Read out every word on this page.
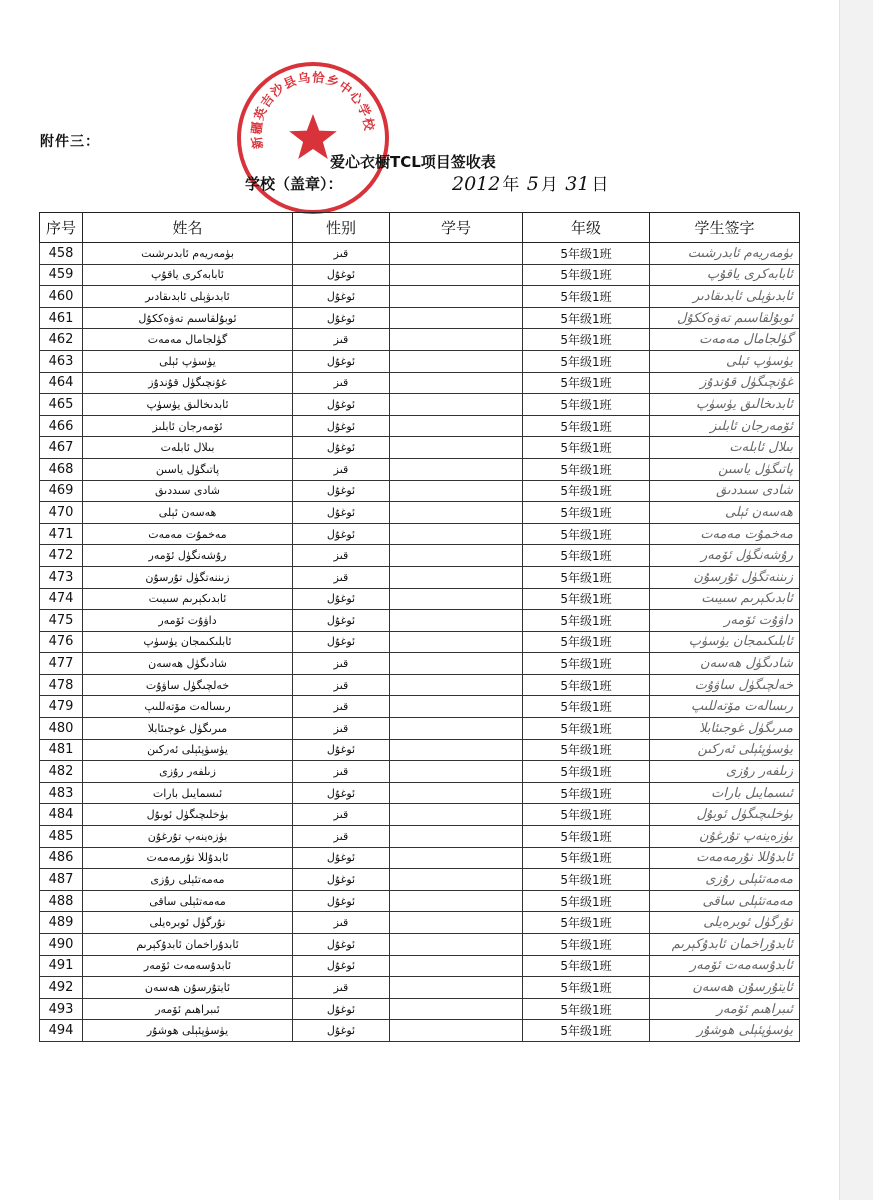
新疆英吉沙县乌恰乡中心学校
附件三：
爱心衣橱TCL项目签收表
学校（盖章）：	2012 年 5 月 31 日
序号	姓名	性别	学号	年级	学生签字
458	بۈمەريەم ئابدىرشىت	قىز		5年级1班	بۈمەريەم ئابدرشىت
459	ئابابەكرى ياقۇپ	ئوغۇل		5年级1班	ئابابەكرى ياقۇپ
460	ئابدىۋېلى ئابدىقادىر	ئوغۇل		5年级1班	ئابدىۋېلى ئابدىقادىر
461	ئوبۇلقاسىم تەۋەككۇل	ئوغۇل		5年级1班	ئوبۇلقاسىم تەۋەككۇل
462	گۈلجامال مەمەت	قىز		5年级1班	گۈلجامال مەمەت
463	يۈسۈپ ئېلى	ئوغۇل		5年级1班	يۈسۈپ ئېلى
464	غۇنچىگۈل قۇندۇز	قىز		5年级1班	غۇنچىگۈل قۇندۇز
465	ئابدىخالىق يۈسۈپ	ئوغۇل		5年级1班	ئابدىخالىق يۈسۈپ
466	ئۆمەرجان ئابلىز	ئوغۇل		5年级1班	ئۆمەرجان ئابلىز
467	بىلال ئابلەت	ئوغۇل		5年级1班	بىلال ئابلەت
468	پاتىگۈل ياسىن	قىز		5年级1班	پاتىگۈل ياسىن
469	شادى سىددىق	ئوغۇل		5年级1班	شادى سىددىق
470	ھەسەن ئېلى	ئوغۇل		5年级1班	ھەسەن ئېلى
471	مەخمۇت مەمەت	ئوغۇل		5年级1班	مەخمۇت مەمەت
472	رۇشەنگۈل ئۆمەر	قىز		5年级1班	رۇشەنگۈل ئۆمەر
473	زىننەتگۈل تۇرسۇن	قىز		5年级1班	زىننەتگۈل تۇرسۇن
474	ئابدىكېرىم سىيىت	ئوغۇل		5年级1班	ئابدىكېرىم سىيىت
475	داۋۇت ئۆمەر	ئوغۇل		5年级1班	داۋۇت ئۆمەر
476	ئابلىكىمجان يۈسۈپ	ئوغۇل		5年级1班	ئابلىكىمجان يۈسۈپ
477	شادىگۈل ھەسەن	قىز		5年级1班	شادىگۈل ھەسەن
478	خەلچىگۈل ساۋۇت	قىز		5年级1班	خەلچىگۈل ساۋۇت
479	رىسالەت مۆتەللىپ	قىز		5年级1班	رىسالەت مۆتەللىپ
480	مىرىگۈل غوجىئابلا	قىز		5年级1班	مىرىگۈل غوجىئابلا
481	يۈسۈپئېلى ئەركىن	ئوغۇل		5年级1班	يۈسۈپئېلى ئەركىن
482	زىلفەر رۇزى	قىز		5年级1班	زىلفەر رۇزى
483	ئىسمايىل بارات	ئوغۇل		5年级1班	ئىسمايىل بارات
484	بۈخلىچىگۈل ئوبۇل	قىز		5年级1班	بۈخلىچىگۈل ئوبۇل
485	بۈزەينەپ تۇرغۇن	قىز		5年级1班	بۈزەينەپ تۇرغۇن
486	ئابدۇللا نۇرمەمەت	ئوغۇل		5年级1班	ئابدۇللا نۇرمەمەت
487	مەمەتئېلى رۇزى	ئوغۇل		5年级1班	مەمەتئېلى رۇزى
488	مەمەتئېلى ساقى	ئوغۇل		5年级1班	مەمەتئېلى ساقى
489	نۇرگۈل ئوبرەيلى	قىز		5年级1班	نۇرگۈل ئوبرەيلى
490	ئابدۇراخمان ئابدۇكېرىم	ئوغۇل		5年级1班	ئابدۇراخمان ئابدۇكېرىم
491	ئابدۇسەمەت ئۆمەر	ئوغۇل		5年级1班	ئابدۇسەمەت ئۆمەر
492	ئايتۇرسۇن ھەسەن	قىز		5年级1班	ئايتۇرسۇن ھەسەن
493	ئىبراھىم ئۆمەر	ئوغۇل		5年级1班	ئىبراھىم ئۆمەر
494	يۈسۈپئېلى ھوشۇر	ئوغۇل		5年级1班	يۈسۈپئېلى ھوشۇر
